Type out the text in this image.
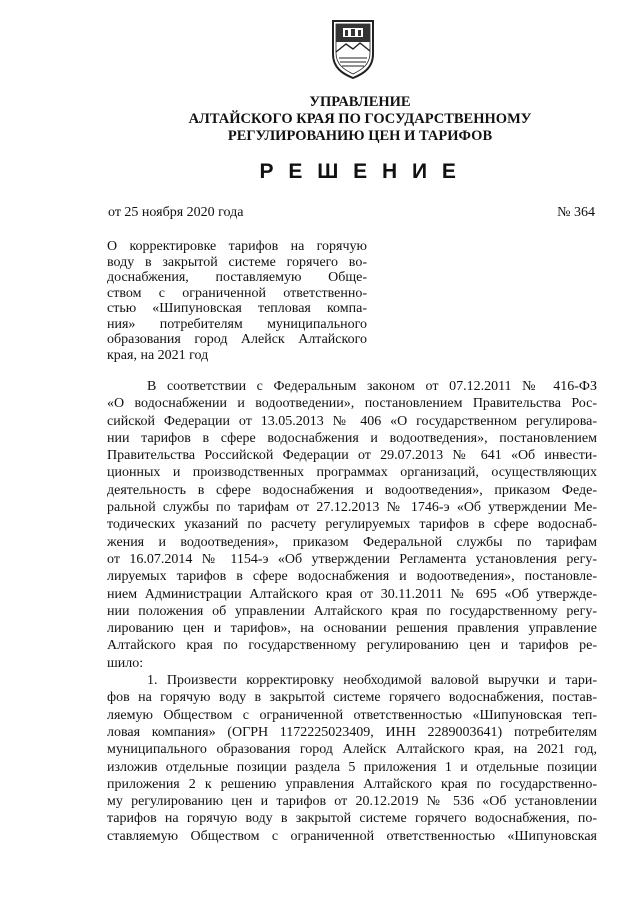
УПРАВЛЕНИЕ
АЛТАЙСКОГО КРАЯ ПО ГОСУДАРСТВЕННОМУ
РЕГУЛИРОВАНИЮ ЦЕН И ТАРИФОВ
Р Е Ш Е Н И Е
от 25 ноября 2020 года	№ 364
О корректировке тарифов на горячую
воду в закрытой системе горячего во-
доснабжения, поставляемую Обще-
ством с ограниченной ответственно-
стью «Шипуновская тепловая компа-
ния» потребителям муниципального
образования город Алейск Алтайского
края, на 2021 год
В соответствии с Федеральным законом от 07.12.2011 № 416-ФЗ
«О водоснабжении и водоотведении», постановлением Правительства Рос-
сийской Федерации от 13.05.2013 № 406 «О государственном регулирова-
нии тарифов в сфере водоснабжения и водоотведения», постановлением
Правительства Российской Федерации от 29.07.2013 № 641 «Об инвести-
ционных и производственных программах организаций, осуществляющих
деятельность в сфере водоснабжения и водоотведения», приказом Феде-
ральной службы по тарифам от 27.12.2013 № 1746-э «Об утверждении Ме-
тодических указаний по расчету регулируемых тарифов в сфере водоснаб-
жения и водоотведения», приказом Федеральной службы по тарифам
от 16.07.2014 № 1154-э «Об утверждении Регламента установления регу-
лируемых тарифов в сфере водоснабжения и водоотведения», постановле-
нием Администрации Алтайского края от 30.11.2011 № 695 «Об утвержде-
нии положения об управлении Алтайского края по государственному регу-
лированию цен и тарифов», на основании решения правления управление
Алтайского края по государственному регулированию цен и тарифов ре-
шило:
1. Произвести корректировку необходимой валовой выручки и тари-
фов на горячую воду в закрытой системе горячего водоснабжения, постав-
ляемую Обществом с ограниченной ответственностью «Шипуновская теп-
ловая компания» (ОГРН 1172225023409, ИНН 2289003641) потребителям
муниципального образования город Алейск Алтайского края, на 2021 год,
изложив отдельные позиции раздела 5 приложения 1 и отдельные позиции
приложения 2 к решению управления Алтайского края по государственно-
му регулированию цен и тарифов от 20.12.2019 № 536 «Об установлении
тарифов на горячую воду в закрытой системе горячего водоснабжения, по-
ставляемую Обществом с ограниченной ответственностью «Шипуновская
